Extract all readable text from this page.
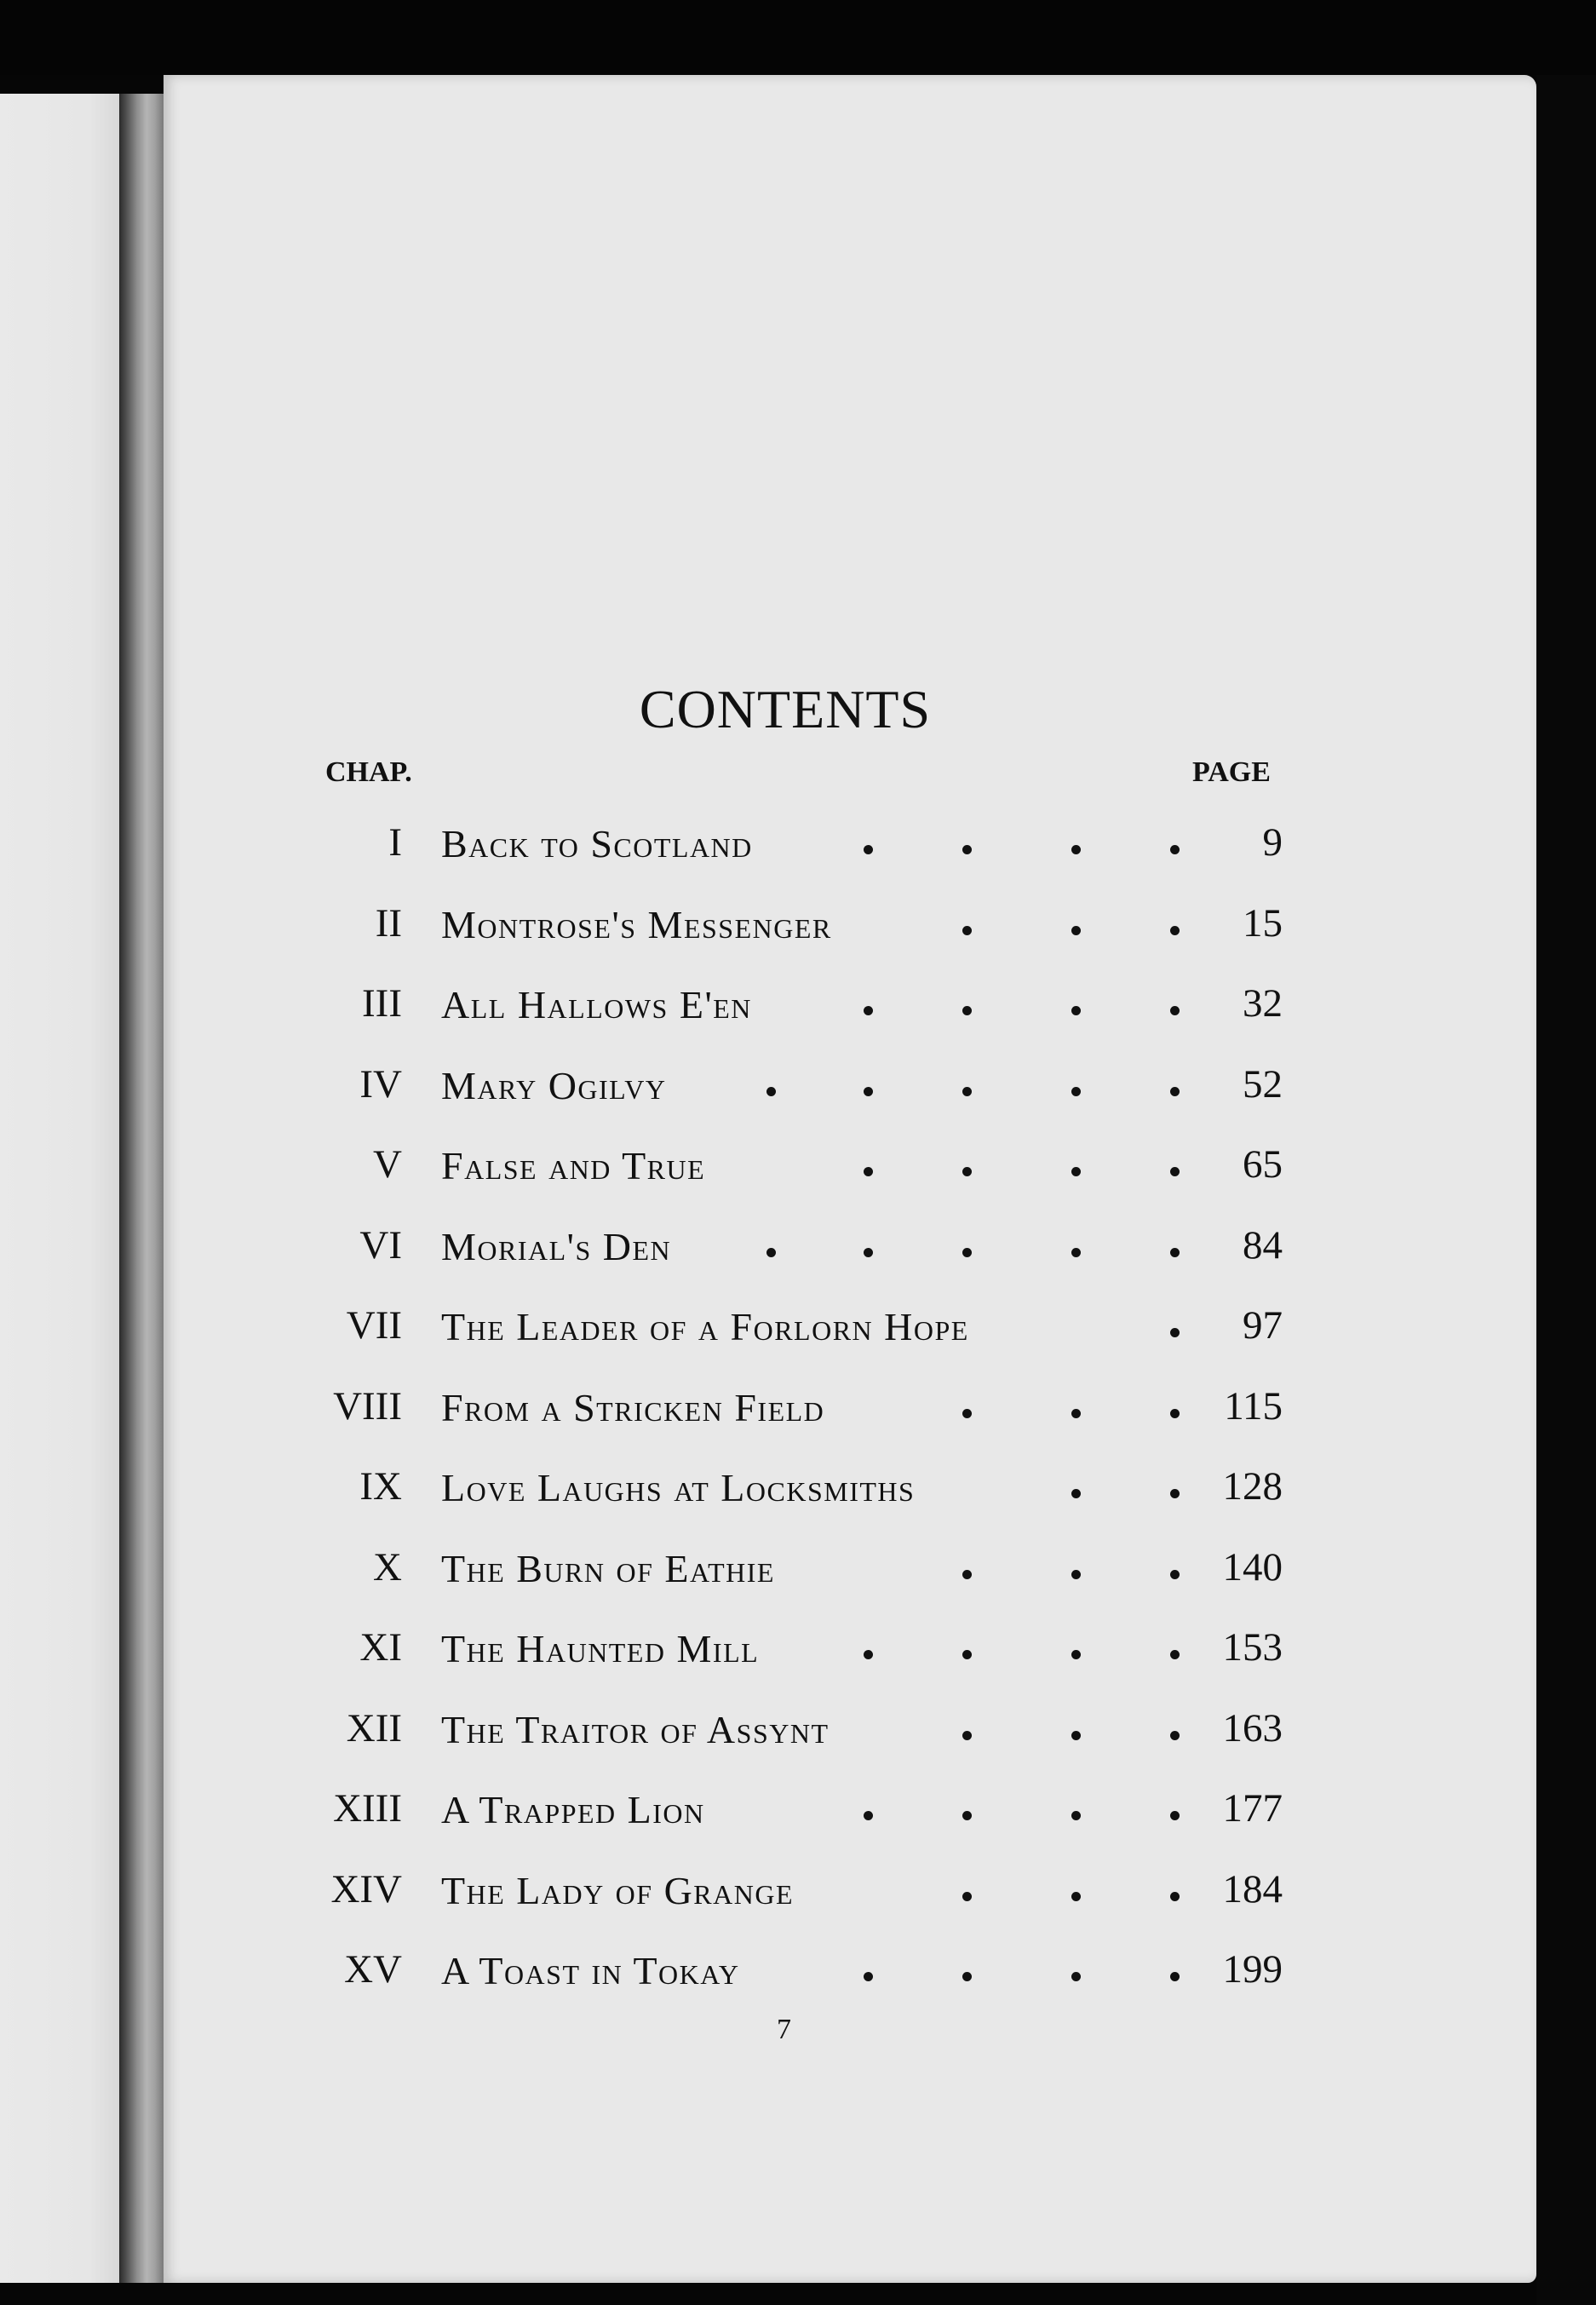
CONTENTS
CHAP.	PAGE
I Back to Scotland	9
II Montrose's Messenger	15
III All Hallows E'en	32
IV Mary Ogilvy	52
V False and True	65
VI Morial's Den	84
VII The Leader of a Forlorn Hope	97
VIII From a Stricken Field	115
IX Love Laughs at Locksmiths	128
X The Burn of Eathie	140
XI The Haunted Mill	153
XII The Traitor of Assynt	163
XIII A Trapped Lion	177
XIV The Lady of Grange	184
XV A Toast in Tokay	199
7
